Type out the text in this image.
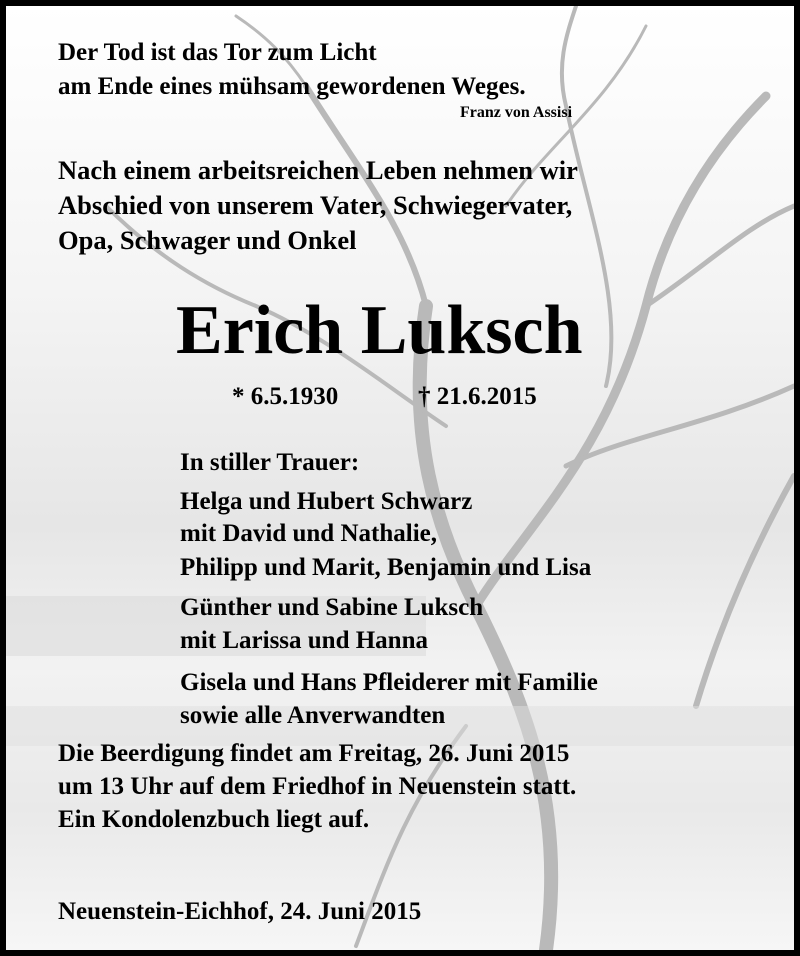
Der Tod ist das Tor zum Licht
am Ende eines mühsam gewordenen Weges.
Franz von Assisi
Nach einem arbeitsreichen Leben nehmen wir
Abschied von unserem Vater, Schwiegervater,
Opa, Schwager und Onkel
Erich Luksch
* 6.5.1930	† 21.6.2015
In stiller Trauer:
Helga und Hubert Schwarz
mit David und Nathalie,
Philipp und Marit, Benjamin und Lisa
Günther und Sabine Luksch
mit Larissa und Hanna
Gisela und Hans Pfleiderer mit Familie
sowie alle Anverwandten
Die Beerdigung findet am Freitag, 26. Juni 2015
um 13 Uhr auf dem Friedhof in Neuenstein statt.
Ein Kondolenzbuch liegt auf.
Neuenstein-Eichhof, 24. Juni 2015
